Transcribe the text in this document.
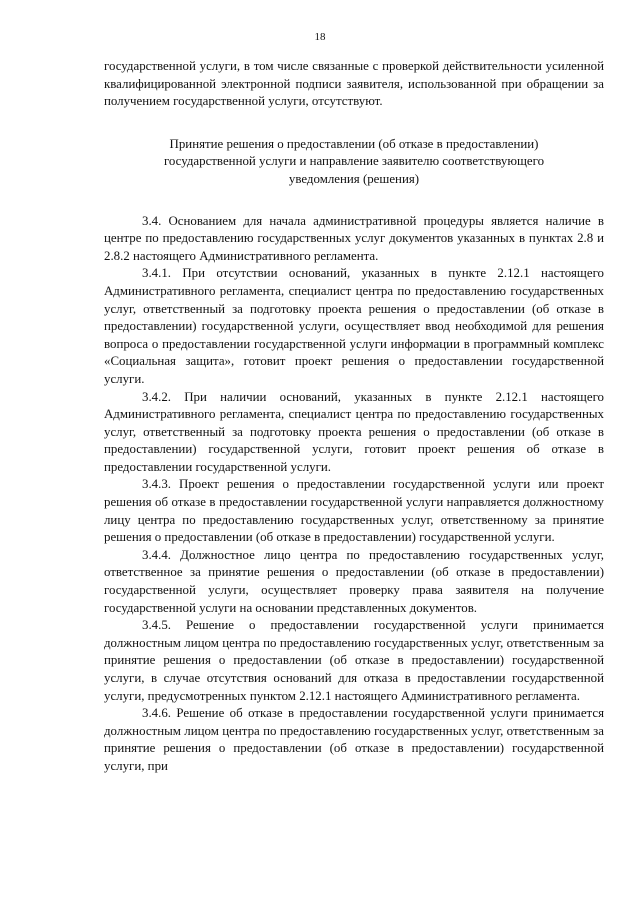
18

государственной услуги, в том числе связанные с проверкой действительности усиленной квалифицированной электронной подписи заявителя, использованной при обращении за получением государственной услуги, отсутствуют.

Принятие решения о предоставлении (об отказе в предоставлении)
государственной услуги и направление заявителю соответствующего
уведомления (решения)

3.4. Основанием для начала административной процедуры является наличие в центре по предоставлению государственных услуг документов указанных в пунктах 2.8 и 2.8.2 настоящего Административного регламента.

3.4.1. При отсутствии оснований, указанных в пункте 2.12.1 настоящего Административного регламента, специалист центра по предоставлению государственных услуг, ответственный за подготовку проекта решения о предоставлении (об отказе в предоставлении) государственной услуги, осуществляет ввод необходимой для решения вопроса о предоставлении государственной услуги информации в программный комплекс «Социальная защита», готовит проект решения о предоставлении государственной услуги.

3.4.2. При наличии оснований, указанных в пункте 2.12.1 настоящего Административного регламента, специалист центра по предоставлению государственных услуг, ответственный за подготовку проекта решения о предоставлении (об отказе в предоставлении) государственной услуги, готовит проект решения об отказе в предоставлении государственной услуги.

3.4.3. Проект решения о предоставлении государственной услуги или проект решения об отказе в предоставлении государственной услуги направляется должностному лицу центра по предоставлению государственных услуг, ответственному за принятие решения о предоставлении (об отказе в предоставлении) государственной услуги.

3.4.4. Должностное лицо центра по предоставлению государственных услуг, ответственное за принятие решения о предоставлении (об отказе в предоставлении) государственной услуги, осуществляет проверку права заявителя на получение государственной услуги на основании представленных документов.

3.4.5. Решение о предоставлении государственной услуги принимается должностным лицом центра по предоставлению государственных услуг, ответственным за принятие решения о предоставлении (об отказе в предоставлении) государственной услуги, в случае отсутствия оснований для отказа в предоставлении государственной услуги, предусмотренных пунктом 2.12.1 настоящего Административного регламента.

3.4.6. Решение об отказе в предоставлении государственной услуги принимается должностным лицом центра по предоставлению государственных услуг, ответственным за принятие решения о предоставлении (об отказе в предоставлении) государственной услуги, при
